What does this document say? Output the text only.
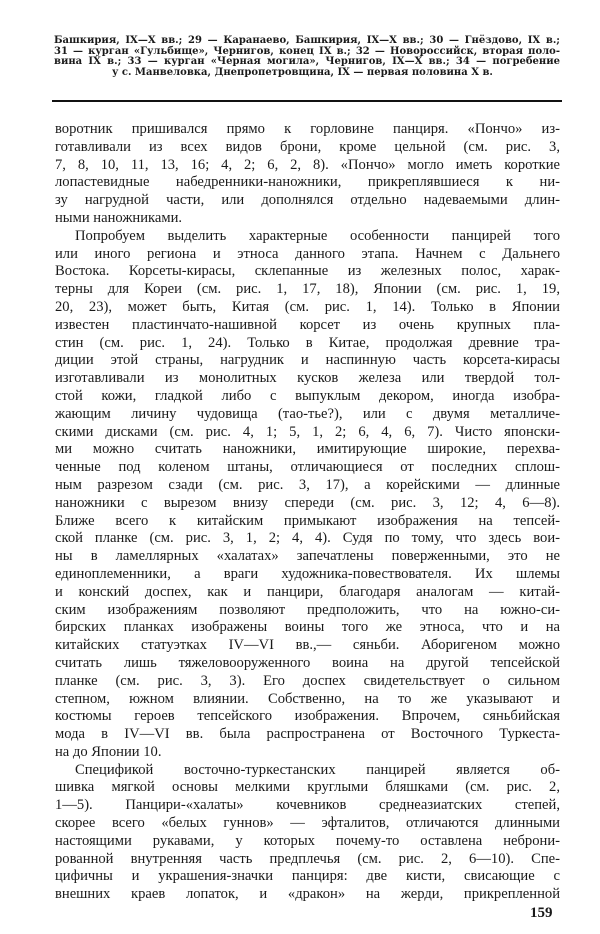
Башкирия, IX—X вв.; 29 — Каранаево, Башкирия, IX—X вв.; 30 — Гнёздово, IX в.;
31 — курган «Гульбище», Чернигов, конец IX в.; 32 — Новороссийск, вторая поло-
вина IX в.; 33 — курган «Черная могила», Чернигов, IX—X вв.; 34 — погребение
у с. Манвеловка, Днепропетровщина, IX — первая половина X в.
воротник пришивался прямо к горловине панциря. «Пончо» из-
готавливали из всех видов брони, кроме цельной (см. рис. 3,
7, 8, 10, 11, 13, 16; 4, 2; 6, 2, 8). «Пончо» могло иметь короткие
лопастевидные набедренники-наножники, прикреплявшиеся к ни-
зу нагрудной части, или дополнялся отдельно надеваемыми длин-
ными наножниками.
Попробуем выделить характерные особенности панцирей того
или иного региона и этноса данного этапа. Начнем с Дальнего
Востока. Корсеты-кирасы, склепанные из железных полос, харак-
терны для Кореи (см. рис. 1, 17, 18), Японии (см. рис. 1, 19,
20, 23), может быть, Китая (см. рис. 1, 14). Только в Японии
известен пластинчато-нашивной корсет из очень крупных пла-
стин (см. рис. 1, 24). Только в Китае, продолжая древние тра-
диции этой страны, нагрудник и наспинную часть корсета-кирасы
изготавливали из монолитных кусков железа или твердой тол-
стой кожи, гладкой либо с выпуклым декором, иногда изобра-
жающим личину чудовища (тао-тье?), или с двумя металличе-
скими дисками (см. рис. 4, 1; 5, 1, 2; 6, 4, 6, 7). Чисто японски-
ми можно считать наножники, имитирующие широкие, перехва-
ченные под коленом штаны, отличающиеся от последних сплош-
ным разрезом сзади (см. рис. 3, 17), а корейскими — длинные
наножники с вырезом внизу спереди (см. рис. 3, 12; 4, 6—8).
Ближе всего к китайским примыкают изображения на тепсей-
ской планке (см. рис. 3, 1, 2; 4, 4). Судя по тому, что здесь вои-
ны в ламеллярных «халатах» запечатлены поверженными, это не
единоплеменники, а враги художника-повествователя. Их шлемы
и конский доспех, как и панцири, благодаря аналогам — китай-
ским изображениям позволяют предположить, что на южно-си-
бирских планках изображены воины того же этноса, что и на
китайских статуэтках IV—VI вв.,— сяньби. Аборигеном можно
считать лишь тяжеловооруженного воина на другой тепсейской
планке (см. рис. 3, 3). Его доспех свидетельствует о сильном
степном, южном влиянии. Собственно, на то же указывают и
костюмы героев тепсейского изображения. Впрочем, сяньбийская
мода в IV—VI вв. была распространена от Восточного Туркеста-
на до Японии 10.
Спецификой восточно-туркестанских панцирей является об-
шивка мягкой основы мелкими круглыми бляшками (см. рис. 2,
1—5). Панцири-«халаты» кочевников среднеазиатских степей,
скорее всего «белых гуннов» — эфталитов, отличаются длинными
настоящими рукавами, у которых почему-то оставлена неброни-
рованной внутренняя часть предплечья (см. рис. 2, 6—10). Спе-
цифичны и украшения-значки панциря: две кисти, свисающие с
внешних краев лопаток, и «дракон» на жерди, прикрепленной
159
